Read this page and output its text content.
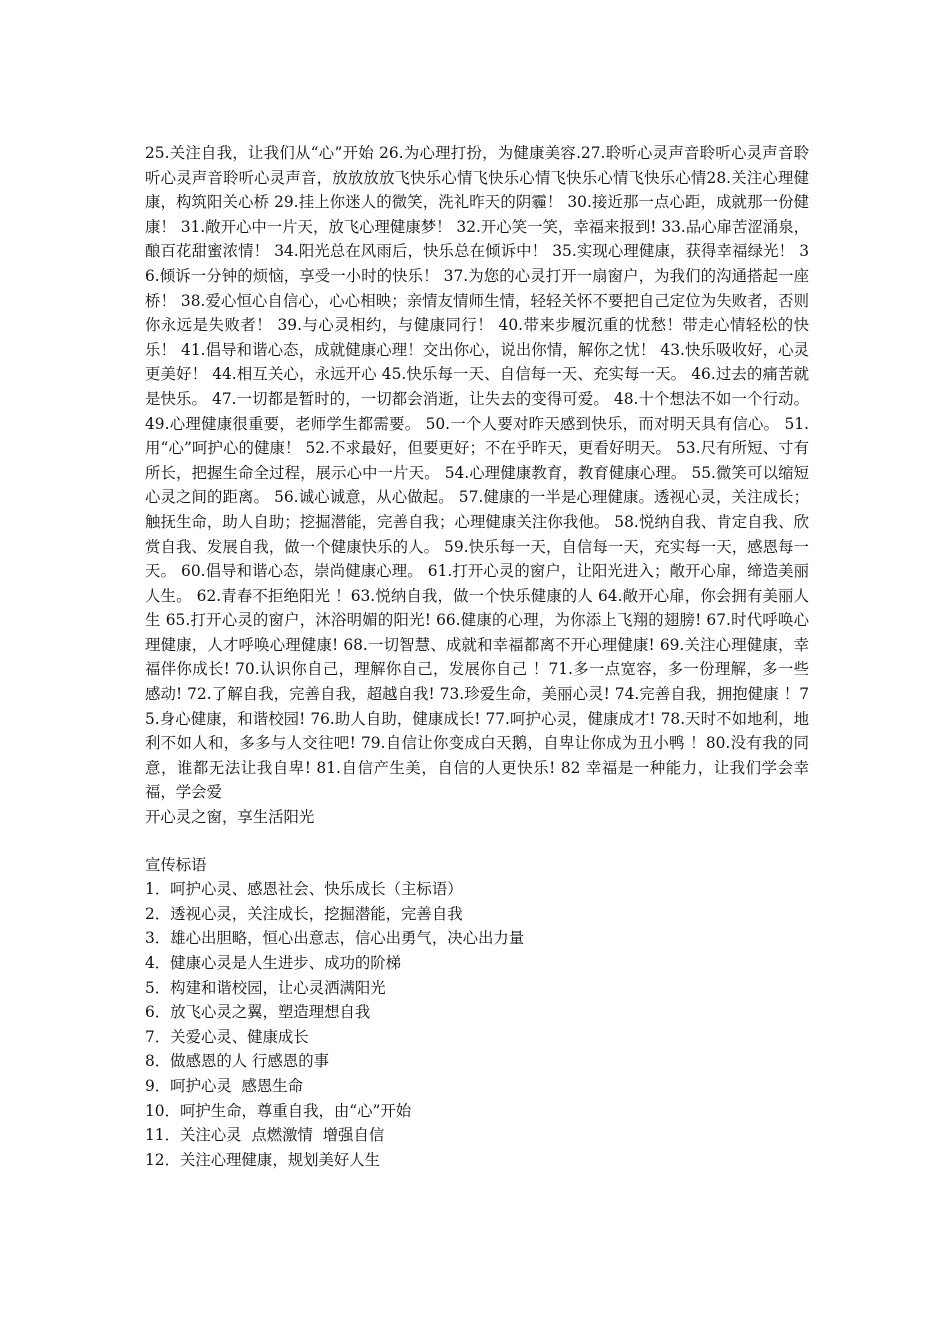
25.关注自我，让我们从“心”开始 26.为心理打扮，为健康美容.27.聆听心灵声音聆听心灵声音聆听心灵声音聆听心灵声音，放放放放飞快乐心情飞快乐心情飞快乐心情飞快乐心情28.关注心理健康，构筑阳关心桥 29.挂上你迷人的微笑，洗礼昨天的阴霾！ 30.接近那一点心距，成就那一份健康！ 31.敞开心中一片天，放飞心理健康梦！ 32.开心笑一笑，幸福来报到! 33.品心扉苦涩涌泉，酿百花甜蜜浓情！ 34.阳光总在风雨后，快乐总在倾诉中！ 35.实现心理健康，获得幸福绿光！ 36.倾诉一分钟的烦恼，享受一小时的快乐！ 37.为您的心灵打开一扇窗户，为我们的沟通搭起一座桥！ 38.爱心恒心自信心，心心相映；亲情友情师生情，轻轻关怀不要把自己定位为失败者，否则你永远是失败者！ 39.与心灵相约，与健康同行！ 40.带来步履沉重的忧愁！带走心情轻松的快乐！ 41.倡导和谐心态，成就健康心理！交出你心，说出你情，解你之忧！ 43.快乐吸收好，心灵更美好！ 44.相互关心，永远开心 45.快乐每一天、自信每一天、充实每一天。 46.过去的痛苦就是快乐。 47.一切都是暂时的，一切都会消逝，让失去的变得可爱。 48.十个想法不如一个行动。 49.心理健康很重要，老师学生都需要。 50.一个人要对昨天感到快乐，而对明天具有信心。 51.用“心”呵护心的健康！ 52.不求最好，但要更好；不在乎昨天，更看好明天。 53.尺有所短、寸有所长，把握生命全过程，展示心中一片天。 54.心理健康教育，教育健康心理。 55.微笑可以缩短心灵之间的距离。 56.诚心诚意，从心做起。 57.健康的一半是心理健康。透视心灵，关注成长；触抚生命，助人自助；挖掘潜能，完善自我；心理健康关注你我他。 58.悦纳自我、肯定自我、欣赏自我、发展自我，做一个健康快乐的人。 59.快乐每一天，自信每一天，充实每一天，感恩每一天。 60.倡导和谐心态，崇尚健康心理。 61.打开心灵的窗户，让阳光进入；敞开心扉，缔造美丽人生。 62.青春不拒绝阳光 ！63.悦纳自我，做一个快乐健康的人 64.敞开心扉，你会拥有美丽人生 65.打开心灵的窗户，沐浴明媚的阳光! 66.健康的心理，为你添上飞翔的翅膀! 67.时代呼唤心理健康，人才呼唤心理健康! 68.一切智慧、成就和幸福都离不开心理健康! 69.关注心理健康，幸福伴你成长! 70.认识你自己，理解你自己，发展你自己 ！71.多一点宽容，多一份理解，多一些感动! 72.了解自我，完善自我，超越自我! 73.珍爱生命，美丽心灵! 74.完善自我，拥抱健康 ！75.身心健康，和谐校园! 76.助人自助，健康成长! 77.呵护心灵，健康成才! 78.天时不如地利，地利不如人和，多多与人交往吧! 79.自信让你变成白天鹅，自卑让你成为丑小鸭 ！80.没有我的同意，谁都无法让我自卑! 81.自信产生美，自信的人更快乐! 82 幸福是一种能力，让我们学会幸福，学会爱

开心灵之窗，享生活阳光

宣传标语

1．呵护心灵、感恩社会、快乐成长（主标语）
2．透视心灵，关注成长，挖掘潜能，完善自我
3．雄心出胆略，恒心出意志，信心出勇气，决心出力量
4．健康心灵是人生进步、成功的阶梯
5．构建和谐校园，让心灵洒满阳光
6．放飞心灵之翼，塑造理想自我
7．关爱心灵、健康成长
8．做感恩的人 行感恩的事
9．呵护心灵  感恩生命
10．呵护生命，尊重自我，由“心”开始
11．关注心灵  点燃激情  增强自信
12．关注心理健康，规划美好人生
